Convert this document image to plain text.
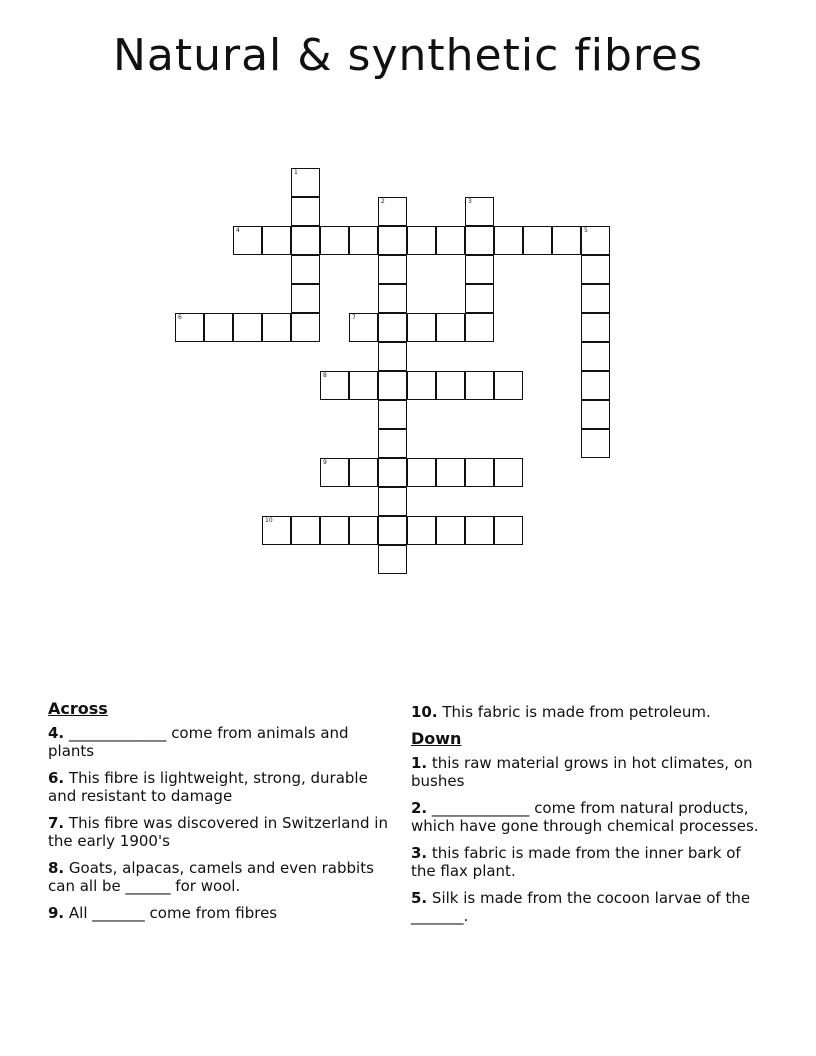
Natural & synthetic fibres
1
2	3
4	5
6	7
8
9
10
Across
4. _____________ come from animals and plants
6. This fibre is lightweight, strong, durable and resistant to damage
7. This fibre was discovered in Switzerland in the early 1900's
8. Goats, alpacas, camels and even rabbits can all be ______ for wool.
9. All _______ come from fibres
10. This fabric is made from petroleum.
Down
1. this raw material grows in hot climates, on bushes
2. _____________ come from natural products, which have gone through chemical processes.
3. this fabric is made from the inner bark of the flax plant.
5. Silk is made from the cocoon larvae of the _______.
